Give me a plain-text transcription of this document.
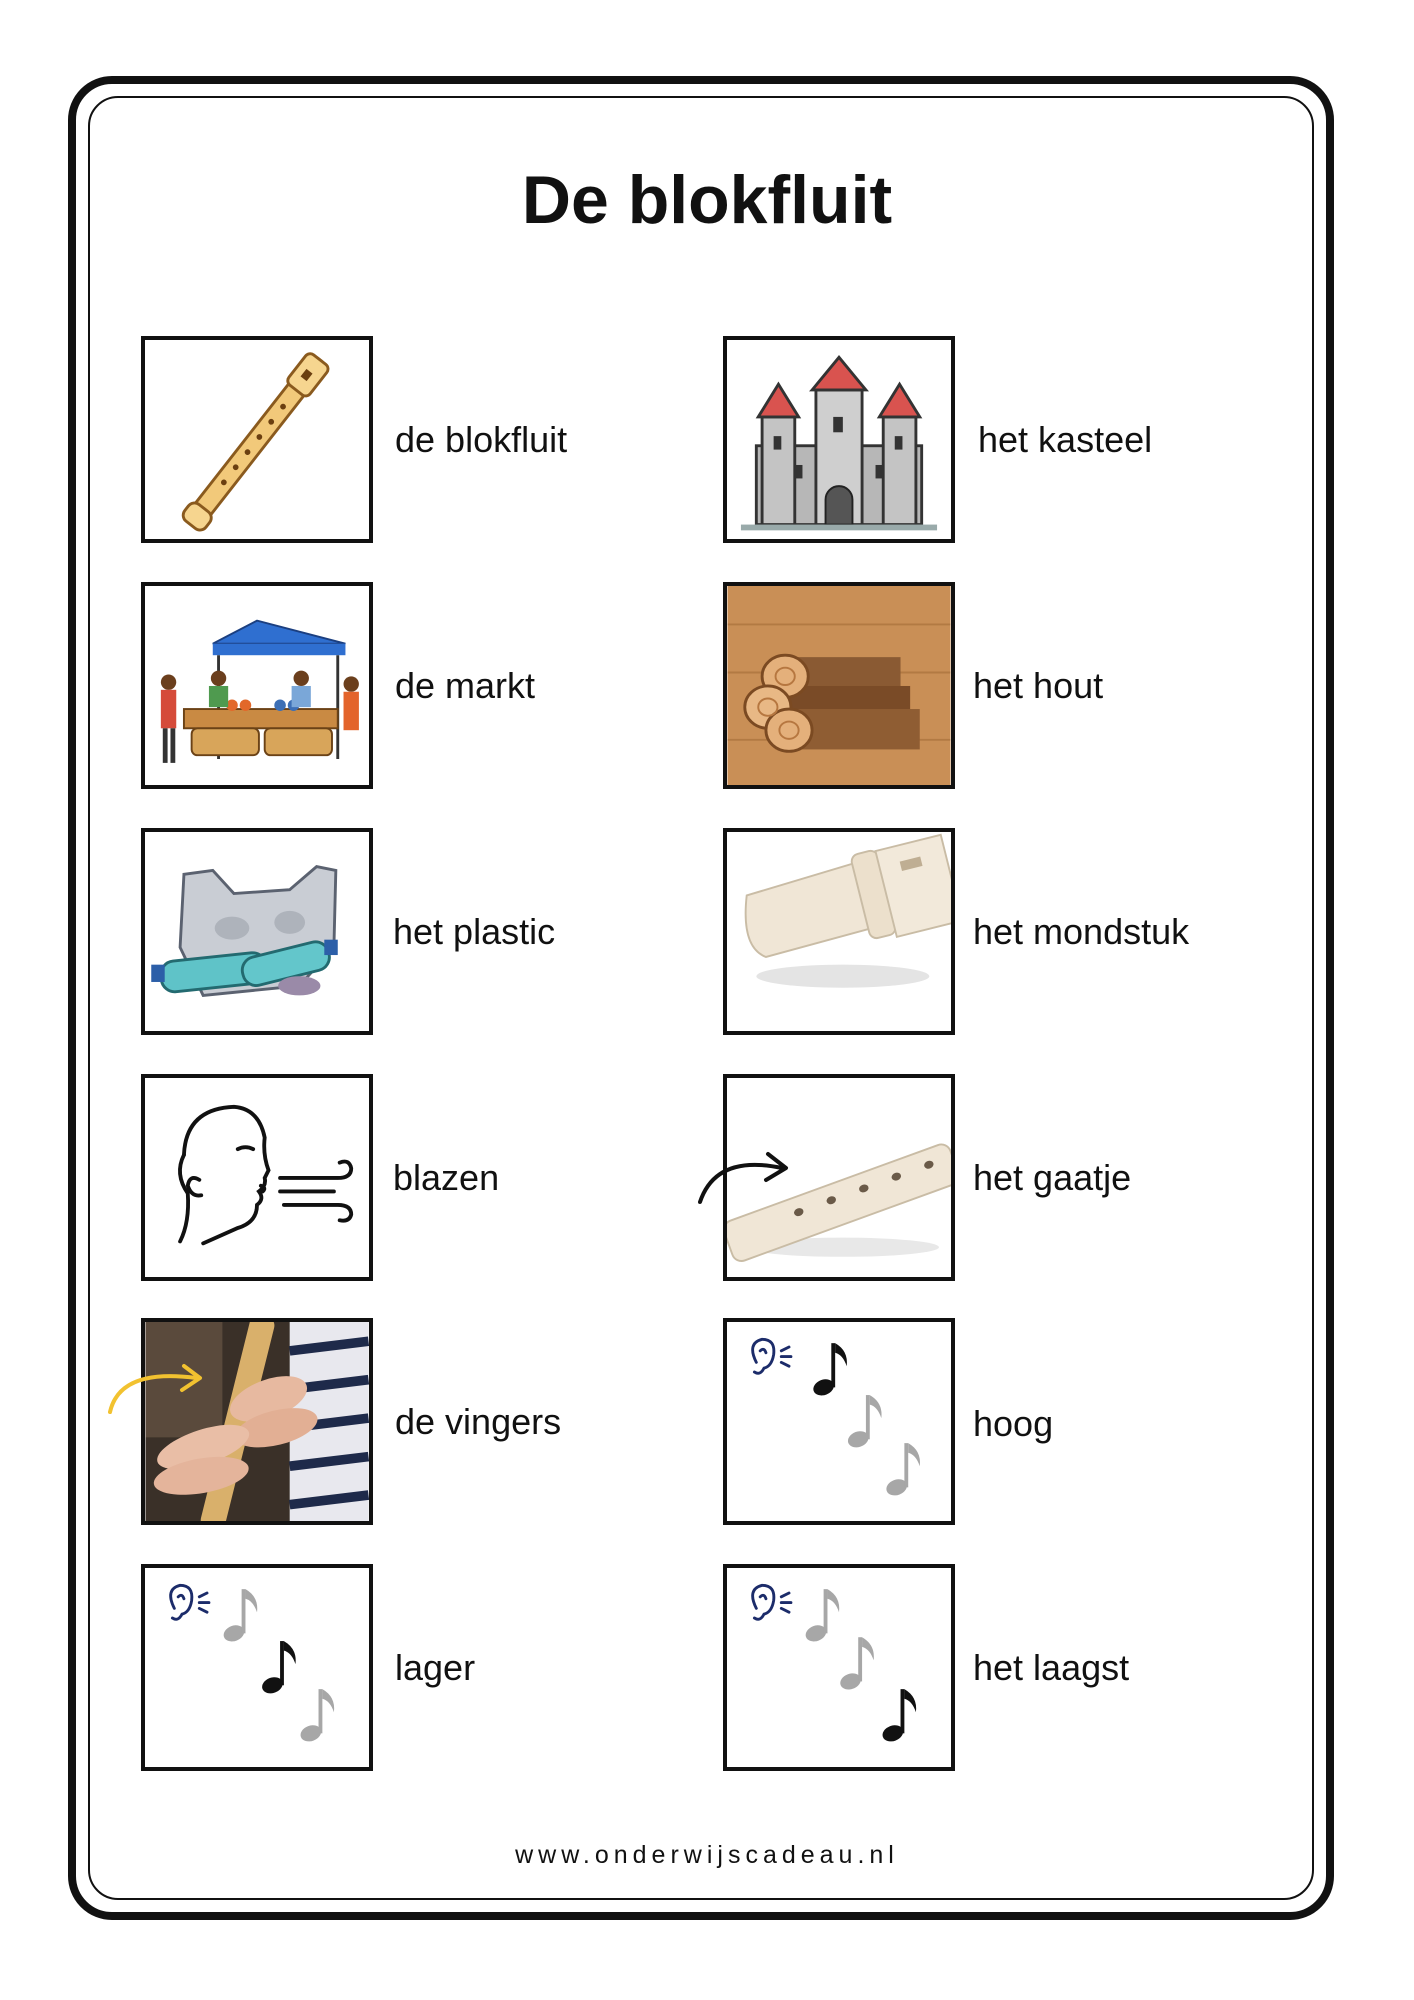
De blokfluit
de blokfluit	het kasteel
de markt	het hout
het plastic	het mondstuk
blazen	het gaatje
de vingers	hoog
lager	het laagst
www.onderwijscadeau.nl
